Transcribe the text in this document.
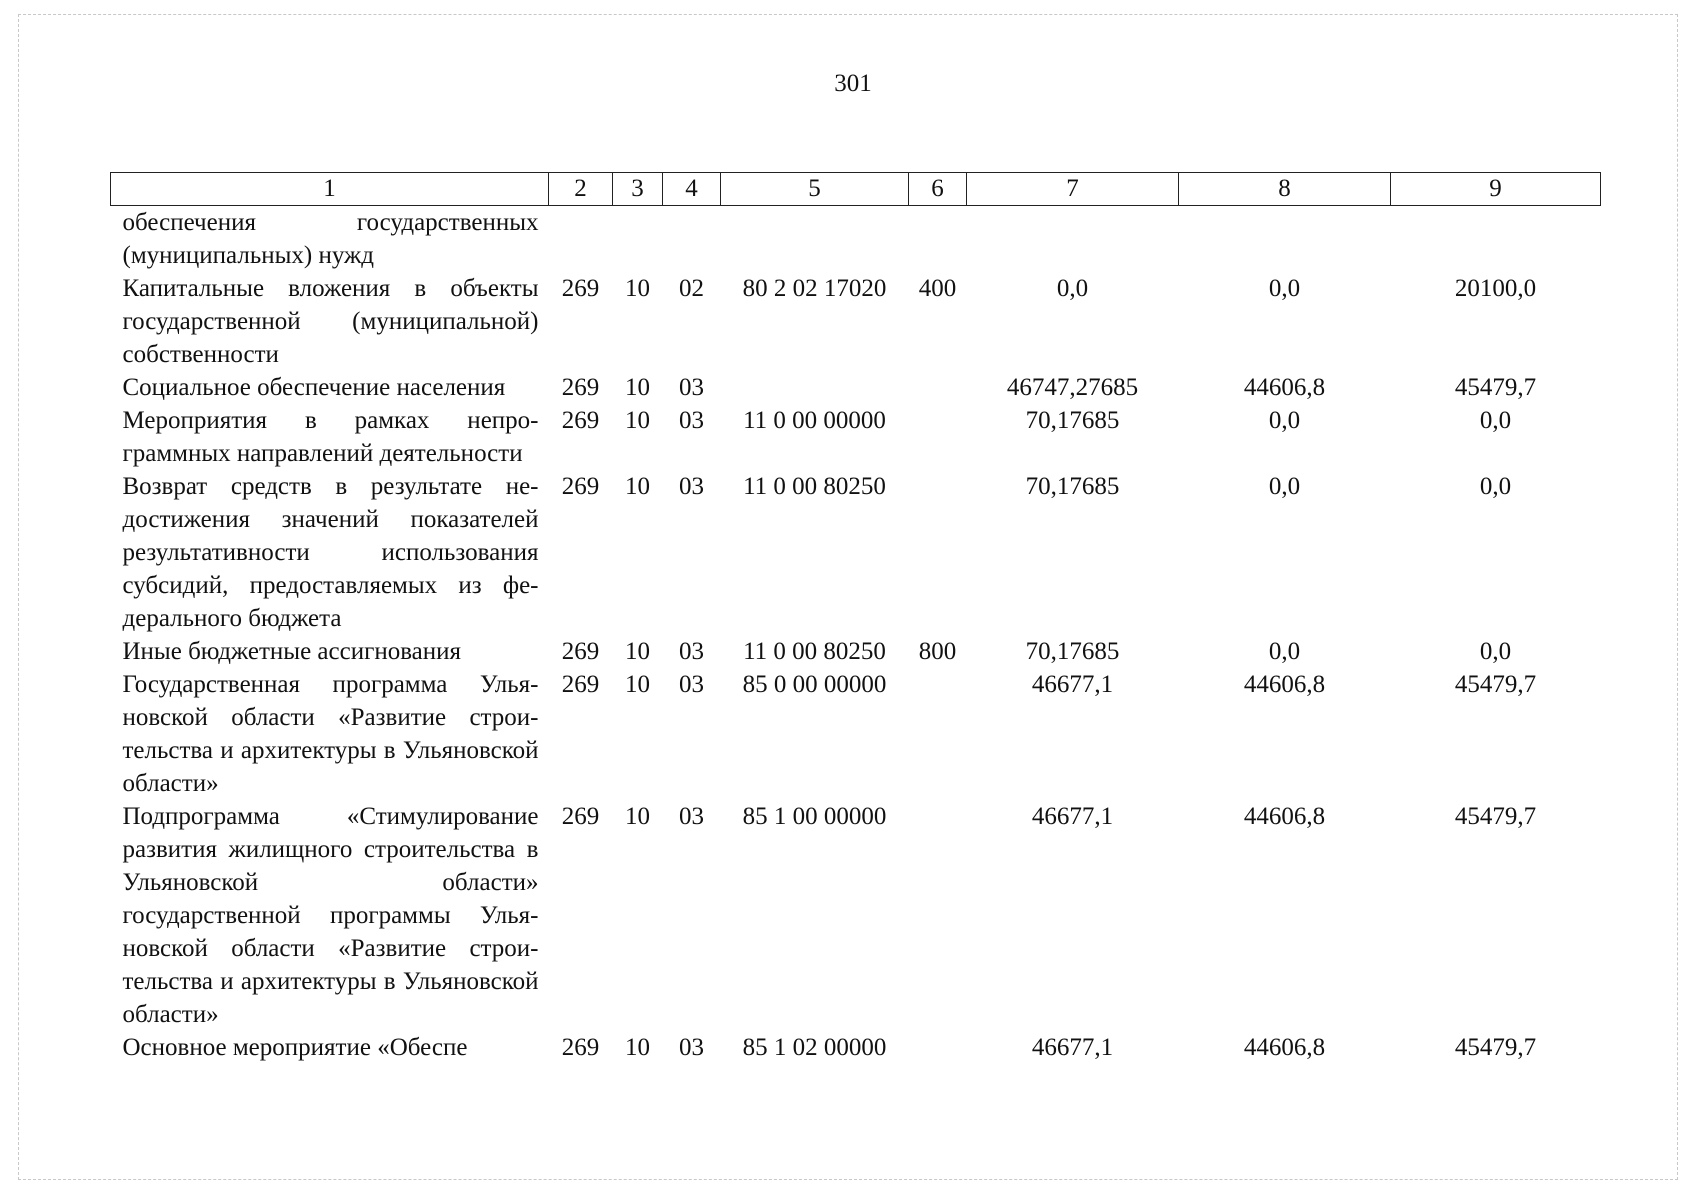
301
1	2	3	4	5	6	7	8	9
обеспечения государственных (муниципальных) нужд								
Капитальные вложения в объекты государственной (муниципальной) собственности	269	10	02	80 2 02 17020	400	0,0	0,0	20100,0
Социальное обеспечение населения	269	10	03			46747,27685	44606,8	45479,7
Мероприятия в рамках непрограммных направлений деятельности	269	10	03	11 0 00 00000		70,17685	0,0	0,0
Возврат средств в результате недостижения значений показателей результативности использования субсидий, предоставляемых из федерального бюджета	269	10	03	11 0 00 80250		70,17685	0,0	0,0
Иные бюджетные ассигнования	269	10	03	11 0 00 80250	800	70,17685	0,0	0,0
Государственная программа Ульяновской области «Развитие строительства и архитектуры в Ульяновской области»	269	10	03	85 0 00 00000		46677,1	44606,8	45479,7
Подпрограмма «Стимулирование развития жилищного строительства в Ульяновской области» государственной программы Ульяновской области «Развитие строительства и архитектуры в Ульяновской области»	269	10	03	85 1 00 00000		46677,1	44606,8	45479,7
Основное мероприятие «Обеспе	269	10	03	85 1 02 00000		46677,1	44606,8	45479,7
